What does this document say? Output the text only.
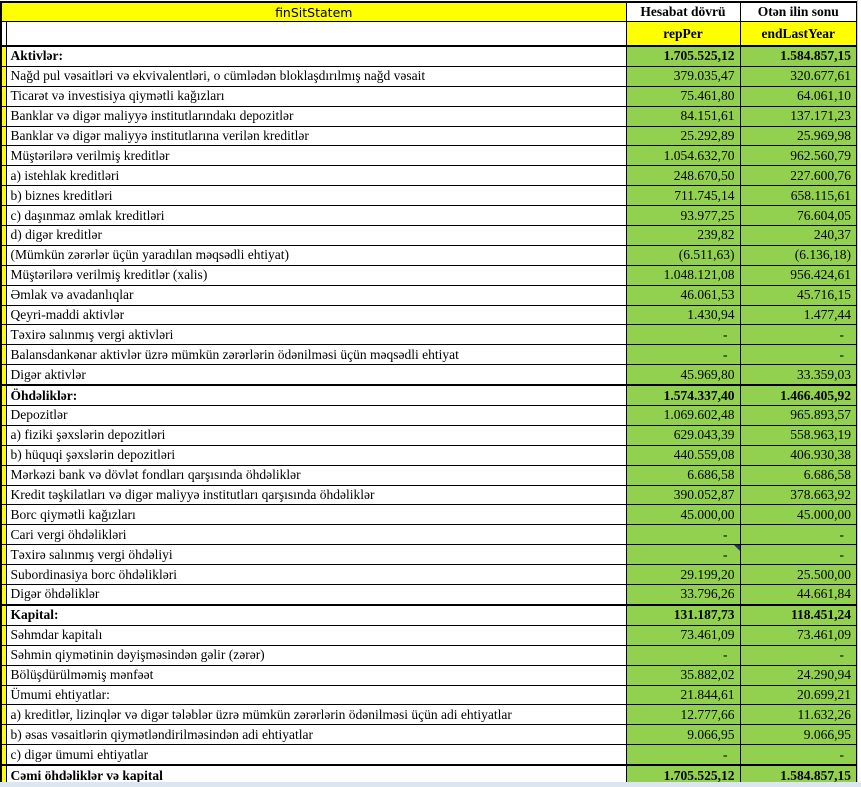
finSitStatem		Hesabat dövrü	Otən ilin sonu
		repPer	endLastYear
	Aktivlər:	1.705.525,12	1.584.857,15
	Nağd pul vəsaitləri və ekvivalentləri, o cümlədən bloklaşdırılmış nağd vəsait	379.035,47	320.677,61
	Ticarət və investisiya qiymətli kağızları	75.461,80	64.061,10
	Banklar və digər maliyyə institutlarındakı depozitlər	84.151,61	137.171,23
	Banklar və digər maliyyə institutlarına verilən kreditlər	25.292,89	25.969,98
	Müştərilərə verilmiş kreditlər	1.054.632,70	962.560,79
	a) istehlak kreditləri	248.670,50	227.600,76
	b) biznes kreditləri	711.745,14	658.115,61
	c) daşınmaz əmlak kreditləri	93.977,25	76.604,05
	d) digər kreditlər	239,82	240,37
	(Mümkün zərərlər üçün yaradılan məqsədli ehtiyat)	(6.511,63)	(6.136,18)
	Müştərilərə verilmiş kreditlər (xalis)	1.048.121,08	956.424,61
	Əmlak və avadanlıqlar	46.061,53	45.716,15
	Qeyri-maddi aktivlər	1.430,94	1.477,44
	Təxirə salınmış vergi aktivləri	-	-
	Balansdankənar aktivlər üzrə mümkün zərərlərin ödənilməsi üçün məqsədli ehtiyat	-	-
	Digər aktivlər	45.969,80	33.359,03
	Öhdəliklər:	1.574.337,40	1.466.405,92
	Depozitlər	1.069.602,48	965.893,57
	a) fiziki şəxslərin depozitləri	629.043,39	558.963,19
	b) hüquqi şəxslərin depozitləri	440.559,08	406.930,38
	Mərkəzi bank və dövlət fondları qarşısında öhdəliklər	6.686,58	6.686,58
	Kredit təşkilatları və digər maliyyə institutları qarşısında öhdəliklər	390.052,87	378.663,92
	Borc qiymətli kağızları	45.000,00	45.000,00
	Cari vergi öhdəlikləri	-	-
	Təxirə salınmış vergi öhdəliyi	-	-
	Subordinasiya borc öhdəlikləri	29.199,20	25.500,00
	Digər öhdəliklər	33.796,26	44.661,84
	Kapital:	131.187,73	118.451,24
	Səhmdar kapitalı	73.461,09	73.461,09
	Səhmin qiymətinin dəyişməsindən gəlir (zərər)	-	-
	Bölüşdürülməmiş mənfəət	35.882,02	24.290,94
	Ümumi ehtiyatlar:	21.844,61	20.699,21
	a) kreditlər, lizinqlər və digər tələblər üzrə mümkün zərərlərin ödənilməsi üçün adi ehtiyatlar	12.777,66	11.632,26
	b) əsas vəsaitlərin qiymətləndirilməsindən adi ehtiyatlar	9.066,95	9.066,95
	c) digər ümumi ehtiyatlar	-	-
	Cəmi öhdəliklər və kapital	1.705.525,12	1.584.857,15
